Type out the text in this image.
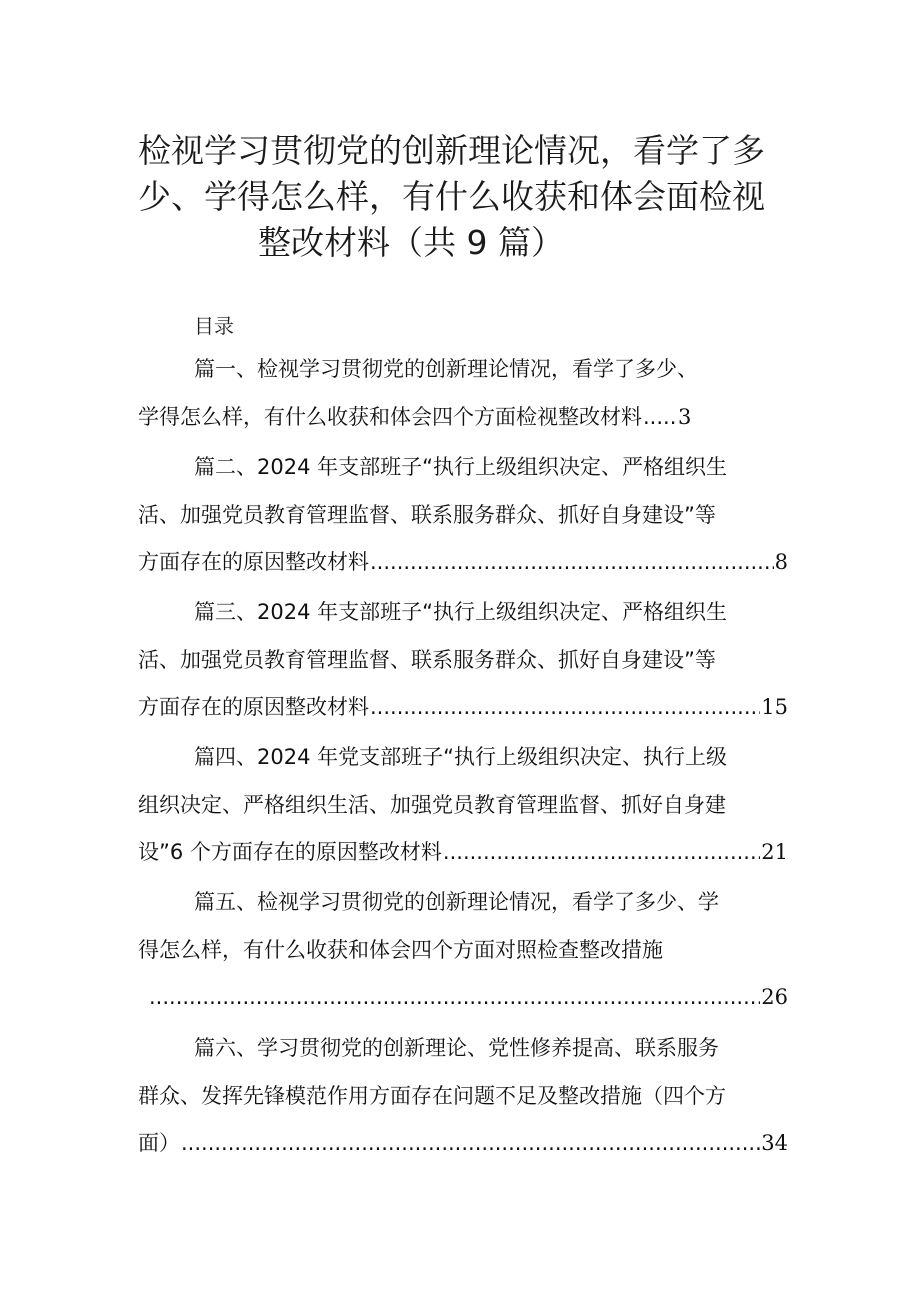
检视学习贯彻党的创新理论情况，看学了多
少、学得怎么样，有什么收获和体会面检视
整改材料（共 9 篇）
目录
篇一、检视学习贯彻党的创新理论情况，看学了多少、
学得怎么样，有什么收获和体会四个方面检视整改材料 ..... 3
篇二、2024 年支部班子“执行上级组织决定、严格组织生
活、加强党员教育管理监督、联系服务群众、抓好自身建设”等
方面存在的原因整改材料 .....	8
篇三、2024 年支部班子“执行上级组织决定、严格组织生
活、加强党员教育管理监督、联系服务群众、抓好自身建设”等
方面存在的原因整改材料 .....	15
篇四、2024 年党支部班子“执行上级组织决定、执行上级
组织决定、严格组织生活、加强党员教育管理监督、抓好自身建
设”6 个方面存在的原因整改材料 .....	21
篇五、检视学习贯彻党的创新理论情况，看学了多少、学
得怎么样，有什么收获和体会四个方面对照检查整改措施
.....
26
篇六、学习贯彻党的创新理论、党性修养提高、联系服务
群众、发挥先锋模范作用方面存在问题不足及整改措施（四个方
面） .....	34
